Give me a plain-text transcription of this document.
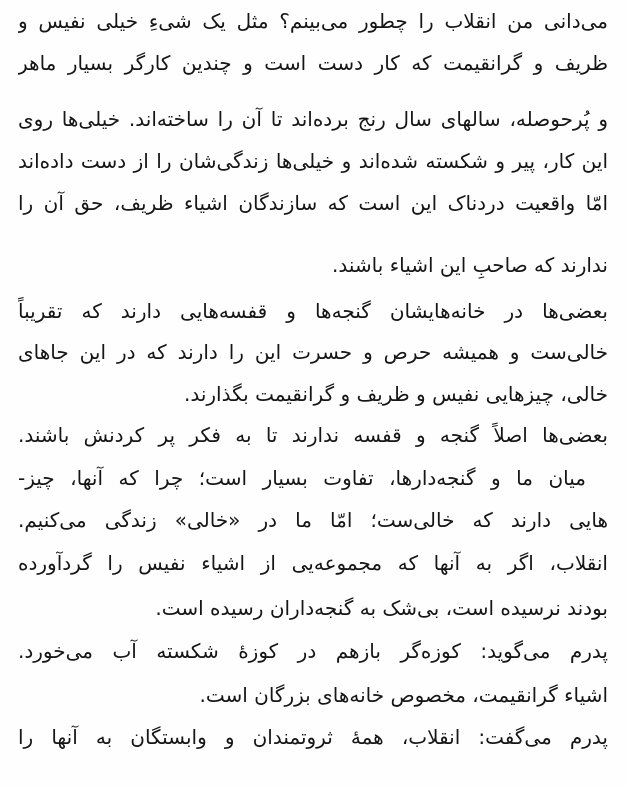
می‌دانی من انقلاب را چطور می‌بینم؟ مثل یک شیءِ خیلی نفیس و
ظریف و گرانقیمت که کار دست است و چندین کارگر بسیار ماهر
و پُرحوصله، سالهای سال رنج برده‌اند تا آن را ساخته‌اند. خیلی‌ها روی
این کار، پیر و شکسته شده‌اند و خیلی‌ها زندگی‌شان را از دست داده‌اند
امّا واقعیت دردناک این است که سازندگان اشیاء ظریف، حق آن را
ندارند که صاحبِ این اشیاء باشند.
بعضی‌ها در خانه‌هایشان گنجه‌ها و قفسه‌هایی دارند که تقریباً
خالی‌ست و همیشه حرص و حسرت این را دارند که در این جاهای
خالی، چیزهایی نفیس و ظریف و گرانقیمت بگذارند.
بعضی‌ها اصلاً گنجه و قفسه ندارند تا به فکر پر کردنش باشند.
میان ما و گنجه‌دارها، تفاوت بسیار است؛ چرا که آنها، چیز-
هایی دارند که خالی‌ست؛ امّا ما در «خالی» زندگی می‌کنیم.
انقلاب، اگر به آنها که مجموعه‌یی از اشیاء نفیس را گردآورده
بودند نرسیده است، بی‌شک به گنجه‌داران رسیده است.
پدرم می‌گوید: کوزه‌گر بازهم در کوزهٔ شکسته آب می‌خورد.
اشیاء گرانقیمت، مخصوص خانه‌های بزرگان است.
پدرم می‌گفت: انقلاب، همهٔ ثروتمندان و وابستگان به آنها را
